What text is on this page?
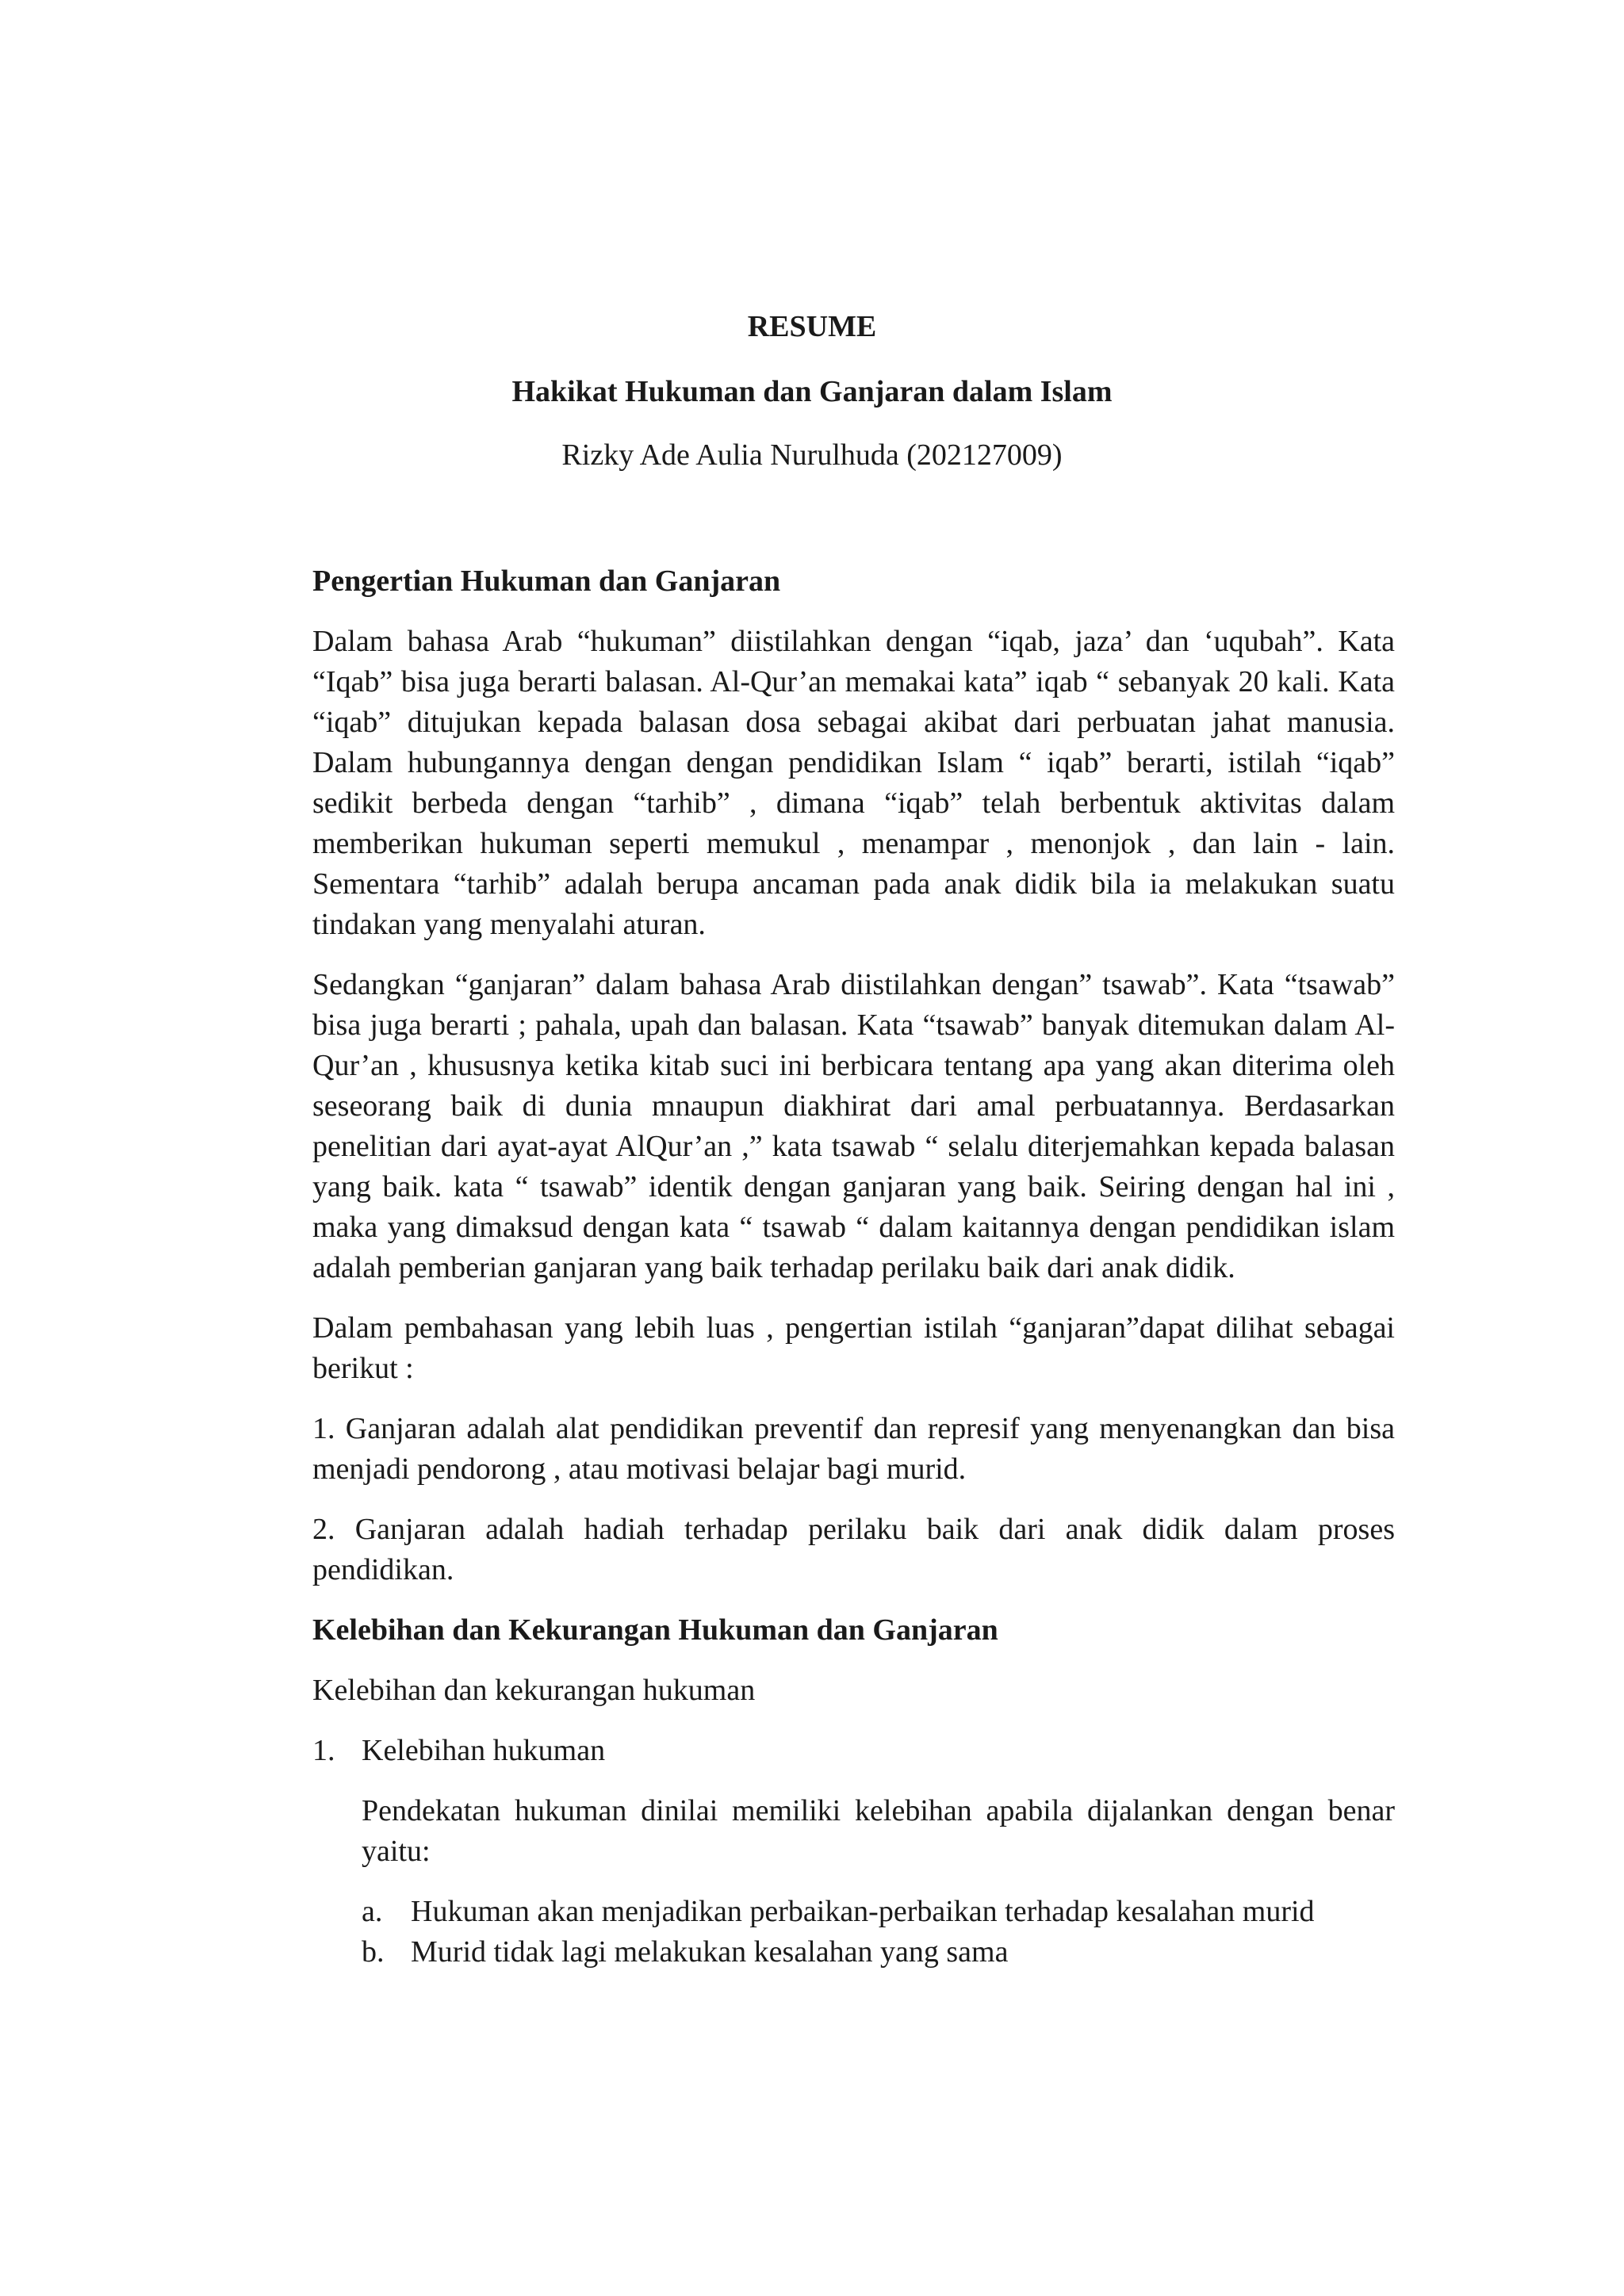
RESUME
Hakikat Hukuman dan Ganjaran dalam Islam

Rizky Ade Aulia Nurulhuda (202127009)

Pengertian Hukuman dan Ganjaran

Dalam bahasa Arab “hukuman” diistilahkan dengan “iqab, jaza’ dan ‘uqubah”. Kata “Iqab” bisa juga berarti balasan. Al-Qur’an memakai kata” iqab “ sebanyak 20 kali. Kata “iqab” ditujukan kepada balasan dosa sebagai akibat dari perbuatan jahat manusia. Dalam hubungannya dengan dengan pendidikan Islam “ iqab” berarti, istilah “iqab” sedikit berbeda dengan “tarhib” , dimana “iqab” telah berbentuk aktivitas dalam memberikan hukuman seperti memukul , menampar , menonjok , dan lain - lain. Sementara “tarhib” adalah berupa ancaman pada anak didik bila ia melakukan suatu tindakan yang menyalahi aturan.

Sedangkan “ganjaran” dalam bahasa Arab diistilahkan dengan” tsawab”. Kata “tsawab” bisa juga berarti ; pahala, upah dan balasan. Kata “tsawab” banyak ditemukan dalam Al-Qur’an , khususnya ketika kitab suci ini berbicara tentang apa yang akan diterima oleh seseorang baik di dunia mnaupun diakhirat dari amal perbuatannya. Berdasarkan penelitian dari ayat-ayat AlQur’an ,” kata tsawab “ selalu diterjemahkan kepada balasan yang baik. kata “ tsawab” identik dengan ganjaran yang baik. Seiring dengan hal ini , maka yang dimaksud dengan kata “ tsawab “ dalam kaitannya dengan pendidikan islam adalah pemberian ganjaran yang baik terhadap perilaku baik dari anak didik.

Dalam pembahasan yang lebih luas , pengertian istilah “ganjaran”dapat dilihat sebagai berikut :

1. Ganjaran adalah alat pendidikan preventif dan represif yang menyenangkan dan bisa menjadi pendorong , atau motivasi belajar bagi murid.

2. Ganjaran adalah hadiah terhadap perilaku baik dari anak didik dalam proses pendidikan.

Kelebihan dan Kekurangan Hukuman dan Ganjaran

Kelebihan dan kekurangan hukuman

1. Kelebihan hukuman

Pendekatan hukuman dinilai memiliki kelebihan apabila dijalankan dengan benar yaitu:

a. Hukuman akan menjadikan perbaikan-perbaikan terhadap kesalahan murid
b. Murid tidak lagi melakukan kesalahan yang sama
